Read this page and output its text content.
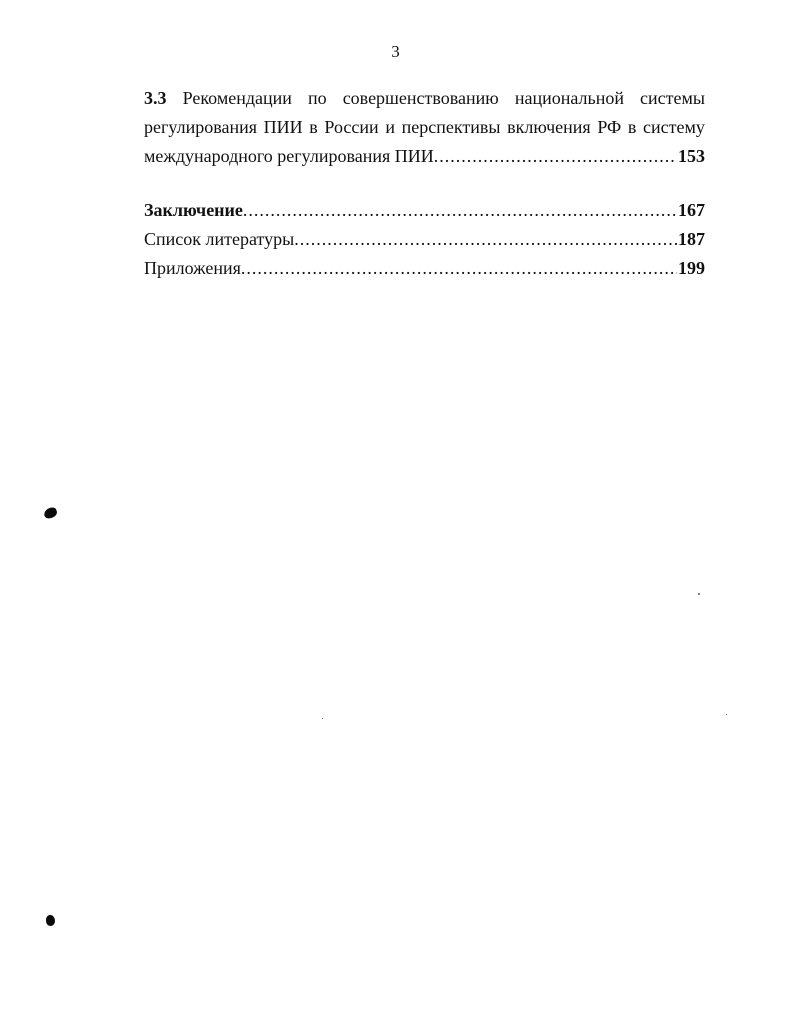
3
3.3 Рекомендации по совершенствованию национальной системы
регулирования ПИИ в России и перспективы включения РФ в систему
международного регулирования ПИИ .....	153
Заключение .....	167
Список литературы .....	187
Приложения .....	199
